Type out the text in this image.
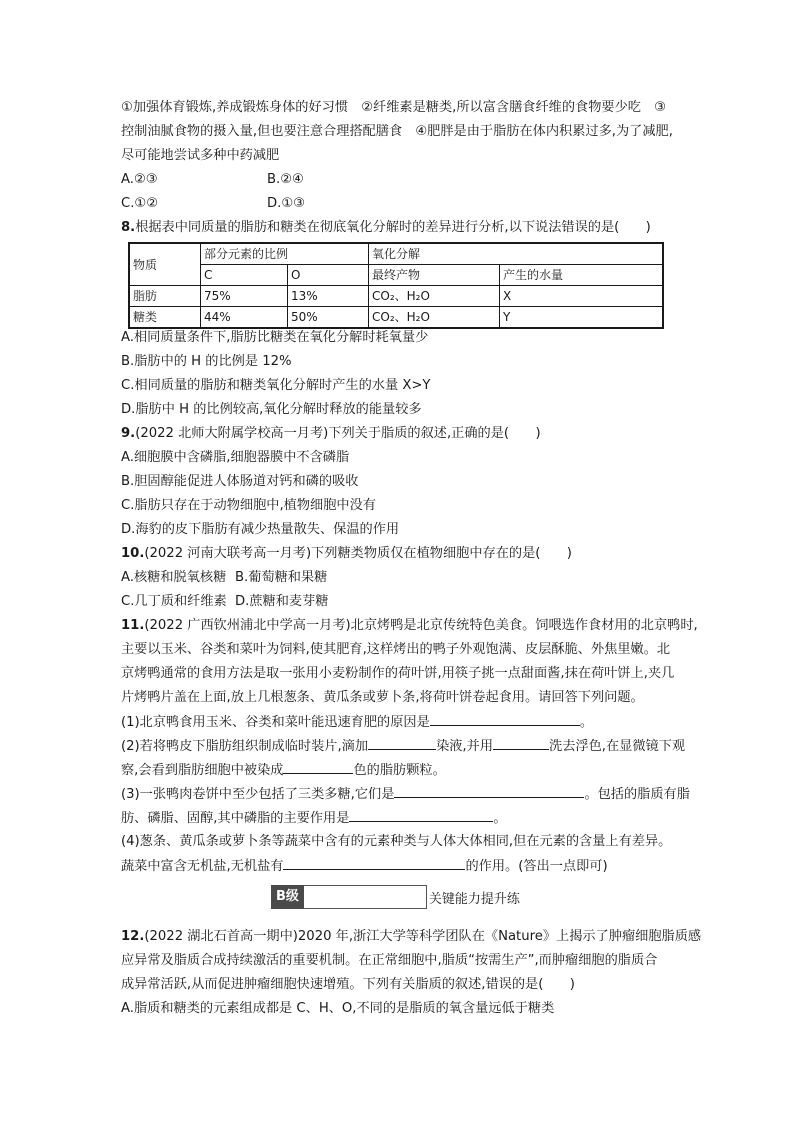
①加强体育锻炼,养成锻炼身体的好习惯　②纤维素是糖类,所以富含膳食纤维的食物要少吃　③
控制油腻食物的摄入量,但也要注意合理搭配膳食　④肥胖是由于脂肪在体内积累过多,为了减肥,
尽可能地尝试多种中药减肥
A.②③	B.②④
C.①②	D.①③
8.根据表中同质量的脂肪和糖类在彻底氧化分解时的差异进行分析,以下说法错误的是(　　)
物质	部分元素的比例		氧化分解	
	C	O	最终产物	产生的水量
脂肪	75%	13%	CO₂、H₂O	X
糖类	44%	50%	CO₂、H₂O	Y
A.相同质量条件下,脂肪比糖类在氧化分解时耗氧量少
B.脂肪中的 H 的比例是 12%
C.相同质量的脂肪和糖类氧化分解时产生的水量 X>Y
D.脂肪中 H 的比例较高,氧化分解时释放的能量较多
9.(2022 北师大附属学校高一月考)下列关于脂质的叙述,正确的是(　　)
A.细胞膜中含磷脂,细胞器膜中不含磷脂
B.胆固醇能促进人体肠道对钙和磷的吸收
C.脂肪只存在于动物细胞中,植物细胞中没有
D.海豹的皮下脂肪有减少热量散失、保温的作用
10.(2022 河南大联考高一月考)下列糖类物质仅在植物细胞中存在的是(　　)
A.核糖和脱氧核糖 B.葡萄糖和果糖
C.几丁质和纤维素 D.蔗糖和麦芽糖
11.(2022 广西钦州浦北中学高一月考)北京烤鸭是北京传统特色美食。饲喂选作食材用的北京鸭时,
主要以玉米、谷类和菜叶为饲料,使其肥育,这样烤出的鸭子外观饱满、皮层酥脆、外焦里嫩。北
京烤鸭通常的食用方法是取一张用小麦粉制作的荷叶饼,用筷子挑一点甜面酱,抹在荷叶饼上,夹几
片烤鸭片盖在上面,放上几根葱条、黄瓜条或萝卜条,将荷叶饼卷起食用。请回答下列问题。
(1)北京鸭食用玉米、谷类和菜叶能迅速育肥的原因是	。
(2)若将鸭皮下脂肪组织制成临时装片,滴加	染液,并用	洗去浮色,在显微镜下观
察,会看到脂肪细胞中被染成	色的脂肪颗粒。
(3)一张鸭肉卷饼中至少包括了三类多糖,它们是	。包括的脂质有脂
肪、磷脂、固醇,其中磷脂的主要作用是	。
(4)葱条、黄瓜条或萝卜条等蔬菜中含有的元素种类与人体大体相同,但在元素的含量上有差异。
蔬菜中富含无机盐,无机盐有	的作用。(答出一点即可)
B级	关键能力提升练
12.(2022 湖北石首高一期中)2020 年,浙江大学等科学团队在《Nature》上揭示了肿瘤细胞脂质感
应异常及脂质合成持续激活的重要机制。在正常细胞中,脂质“按需生产”,而肿瘤细胞的脂质合
成异常活跃,从而促进肿瘤细胞快速增殖。下列有关脂质的叙述,错误的是(　　)
A.脂质和糖类的元素组成都是 C、H、O,不同的是脂质的氧含量远低于糖类
